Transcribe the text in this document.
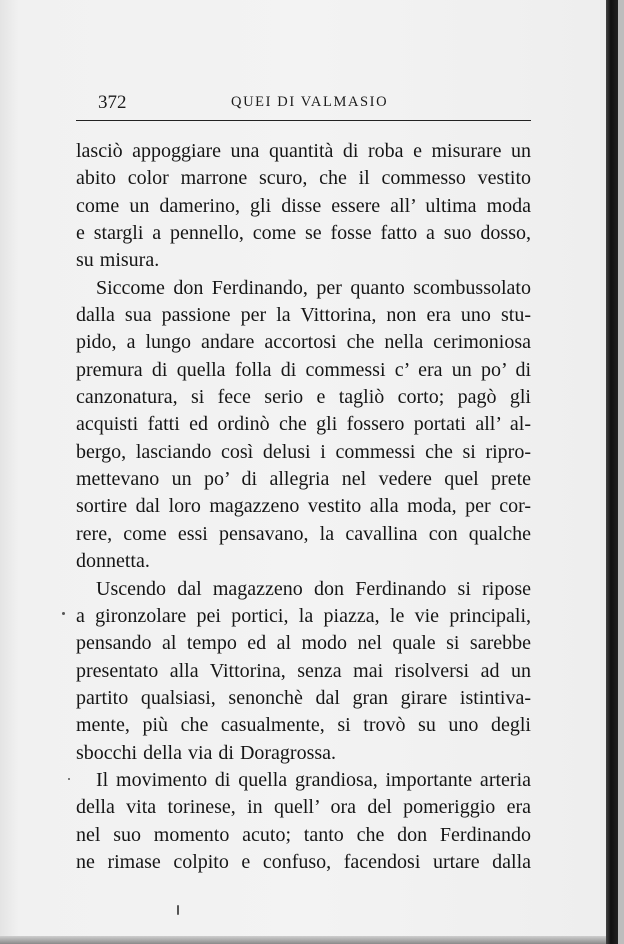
372	QUEI DI VALMASIO
lasciò appoggiare una quantità di roba e misurare un
abito color marrone scuro, che il commesso vestito
come un damerino, gli disse essere all’ ultima moda
e stargli a pennello, come se fosse fatto a suo dosso,
su misura.
Siccome don Ferdinando, per quanto scombussolato
dalla sua passione per la Vittorina, non era uno stu-
pido, a lungo andare accortosi che nella cerimoniosa
premura di quella folla di commessi c’ era un po’ di
canzonatura, si fece serio e tagliò corto; pagò gli
acquisti fatti ed ordinò che gli fossero portati all’ al-
bergo, lasciando così delusi i commessi che si ripro-
mettevano un po’ di allegria nel vedere quel prete
sortire dal loro magazzeno vestito alla moda, per cor-
rere, come essi pensavano, la cavallina con qualche
donnetta.
Uscendo dal magazzeno don Ferdinando si ripose
a gironzolare pei portici, la piazza, le vie principali,
pensando al tempo ed al modo nel quale si sarebbe
presentato alla Vittorina, senza mai risolversi ad un
partito qualsiasi, senonchè dal gran girare istintiva-
mente, più che casualmente, si trovò su uno degli
sbocchi della via di Doragrossa.
Il movimento di quella grandiosa, importante arteria
della vita torinese, in quell’ ora del pomeriggio era
nel suo momento acuto; tanto che don Ferdinando
ne rimase colpito e confuso, facendosi urtare dalla
